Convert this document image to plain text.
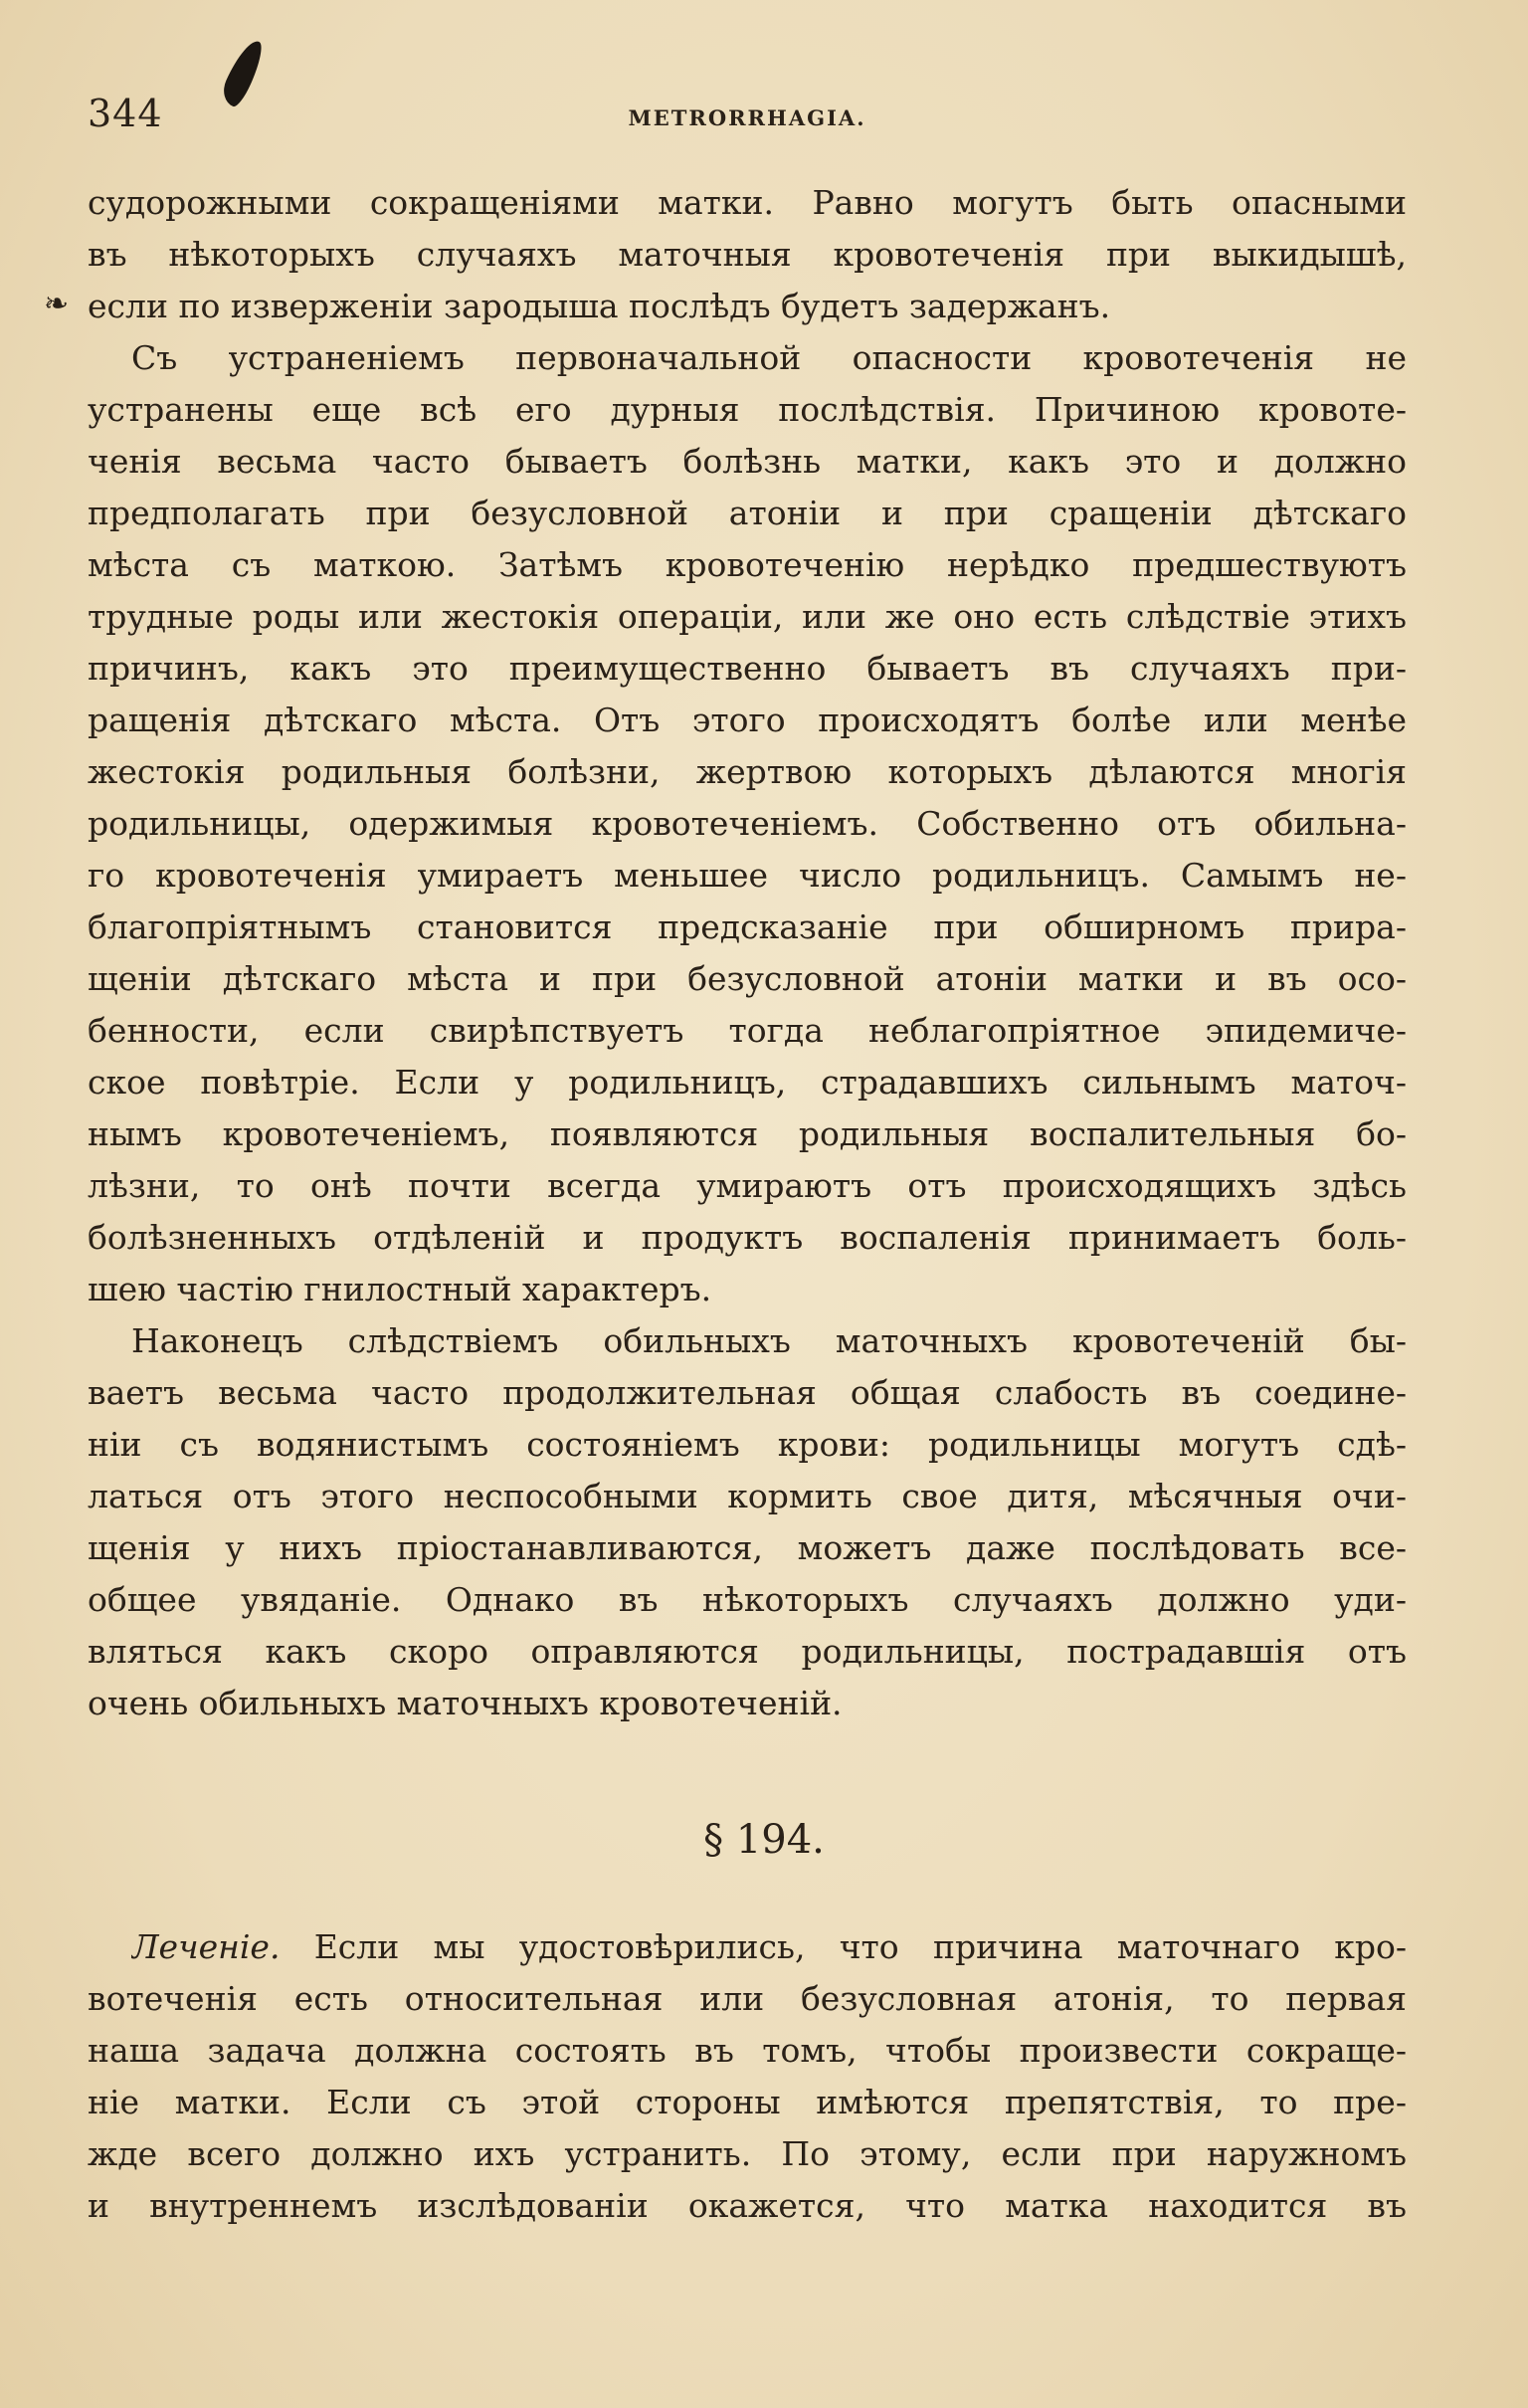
344	METRORRHAGIA.
❧
судорожными сокращеніями матки. Равно могутъ быть опасными
въ нѣкоторыхъ случаяхъ маточныя кровотеченія при выкидышѣ,
если по изверженіи зародыша послѣдъ будетъ задержанъ.
Съ устраненіемъ первоначальной опасности кровотеченія не
устранены еще всѣ его дурныя послѣдствія. Причиною кровоте-
ченія весьма часто бываетъ болѣзнь матки, какъ это и должно
предполагать при безусловной атоніи и при сращеніи дѣтскаго
мѣста съ маткою. Затѣмъ кровотеченію нерѣдко предшествуютъ
трудные роды или жестокія операціи, или же оно есть слѣдствіе этихъ
причинъ, какъ это преимущественно бываетъ въ случаяхъ при-
ращенія дѣтскаго мѣста. Отъ этого происходятъ болѣе или менѣе
жестокія родильныя болѣзни, жертвою которыхъ дѣлаются многія
родильницы, одержимыя кровотеченіемъ. Собственно отъ обильна-
го кровотеченія умираетъ меньшее число родильницъ. Самымъ не-
благопріятнымъ становится предсказаніе при обширномъ прира-
щеніи дѣтскаго мѣста и при безусловной атоніи матки и въ осо-
бенности, если свирѣпствуетъ тогда неблагопріятное эпидемиче-
ское повѣтріе. Если у родильницъ, страдавшихъ сильнымъ маточ-
нымъ кровотеченіемъ, появляются родильныя воспалительныя бо-
лѣзни, то онѣ почти всегда умираютъ отъ происходящихъ здѣсь
болѣзненныхъ отдѣленій и продуктъ воспаленія принимаетъ боль-
шею частію гнилостный характеръ.
Наконецъ слѣдствіемъ обильныхъ маточныхъ кровотеченій бы-
ваетъ весьма часто продолжительная общая слабость въ соедине-
ніи съ водянистымъ состояніемъ крови: родильницы могутъ сдѣ-
латься отъ этого неспособными кормить свое дитя, мѣсячныя очи-
щенія у нихъ пріостанавливаются, можетъ даже послѣдовать все-
общее увяданіе. Однако въ нѣкоторыхъ случаяхъ должно уди-
вляться какъ скоро оправляются родильницы, пострадавшія отъ
очень обильныхъ маточныхъ кровотеченій.
§ 194.
Леченіе. Если мы удостовѣрились, что причина маточнаго кро-
вотеченія есть относительная или безусловная атонія, то первая
наша задача должна состоять въ томъ, чтобы произвести сокраще-
ніе матки. Если съ этой стороны имѣются препятствія, то пре-
жде всего должно ихъ устранить. По этому, если при наружномъ
и внутреннемъ изслѣдованіи окажется, что матка находится въ
